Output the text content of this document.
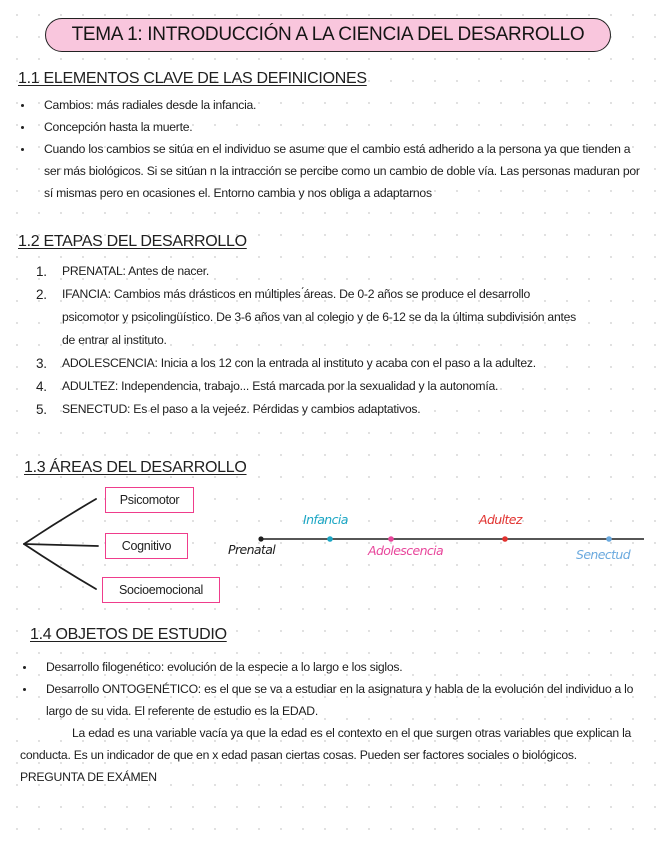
TEMA 1: INTRODUCCIÓN A LA CIENCIA DEL DESARROLLO
1.1 ELEMENTOS CLAVE DE LAS DEFINICIONES
Cambios: más radiales desde la infancia.
Concepción hasta la muerte.
Cuando los cambios se sitúa en el individuo se asume que el cambio está adherido a la persona ya que tienden a ser más biológicos. Si se sitúan n la intracción se percibe como un cambio de doble vía. Las personas maduran por sí mismas pero en ocasiones el. Entorno cambia y nos obliga a adaptarnos
1.2 ETAPAS DEL DESARROLLO
1. PRENATAL: Antes de nacer.
2. IFANCIA: Cambios más drásticos en múltiples ́áreas. De 0-2 años se produce el desarrollo psicomotor y psicolingüístico. De 3-6 años van al colegio y de 6-12 se da la última subdivisión antes de entrar al instituto.
3. ADOLESCENCIA: Inicia a los 12 con la entrada al instituto y acaba con el paso a la adultez.
4. ADULTEZ: Independencia, trabajo... Está marcada por la sexualidad y la autonomía.
5. SENECTUD: Es el paso a la vejeéz. Pérdidas y cambios adaptativos.
1.3 ÁREAS DEL DESARROLLO
Psicomotor
Cognitivo
Socioemocional
Prenatal
Infancia
Adolescencia
Adultez
Senectud
1.4 OBJETOS DE ESTUDIO
Desarrollo filogenético: evolución de la especie a lo largo e los siglos.
Desarrollo ONTOGENÉTICO: es el que se va a estudiar en la asignatura y habla de la evolución del individuo a lo largo de su vida. El referente de estudio es la EDAD.
La edad es una variable vacía ya que la edad es el contexto en el que surgen otras variables que explican la conducta. Es un indicador de que en x edad pasan ciertas cosas. Pueden ser factores sociales o biológicos. PREGUNTA DE EXÁMEN
